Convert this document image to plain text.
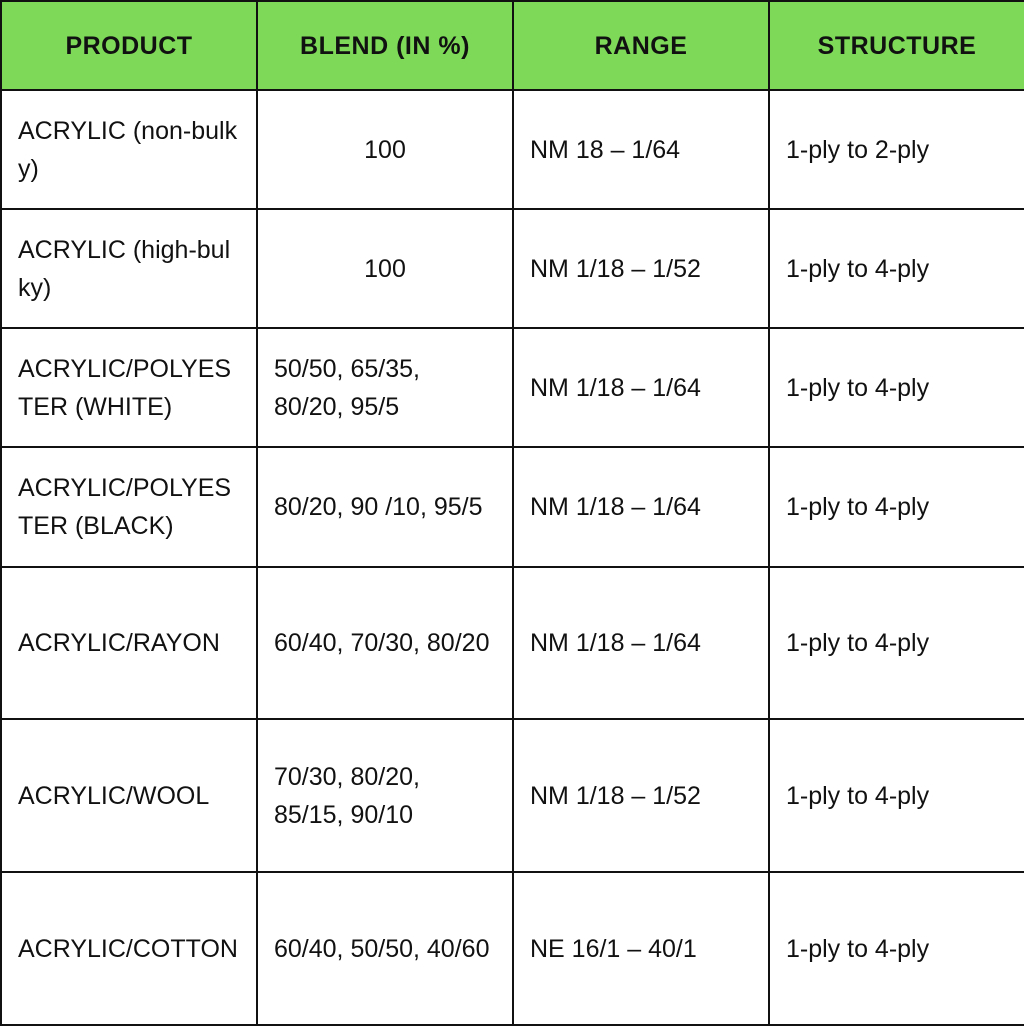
PRODUCT	BLEND (IN %)	RANGE	STRUCTURE
ACRYLIC (non-bulky)	100	NM 18 – 1/64	1-ply to 2-ply
ACRYLIC (high-bulky)	100	NM 1/18 – 1/52	1-ply to 4-ply
ACRYLIC/POLYESTER (WHITE)	50/50, 65/35, 80/20, 95/5	NM 1/18 – 1/64	1-ply to 4-ply
ACRYLIC/POLYESTER (BLACK)	80/20, 90 /10, 95/5	NM 1/18 – 1/64	1-ply to 4-ply
ACRYLIC/RAYON	60/40, 70/30, 80/20	NM 1/18 – 1/64	1-ply to 4-ply
ACRYLIC/WOOL	70/30, 80/20, 85/15, 90/10	NM 1/18 – 1/52	1-ply to 4-ply
ACRYLIC/COTTON	60/40, 50/50, 40/60	NE 16/1 – 40/1	1-ply to 4-ply
